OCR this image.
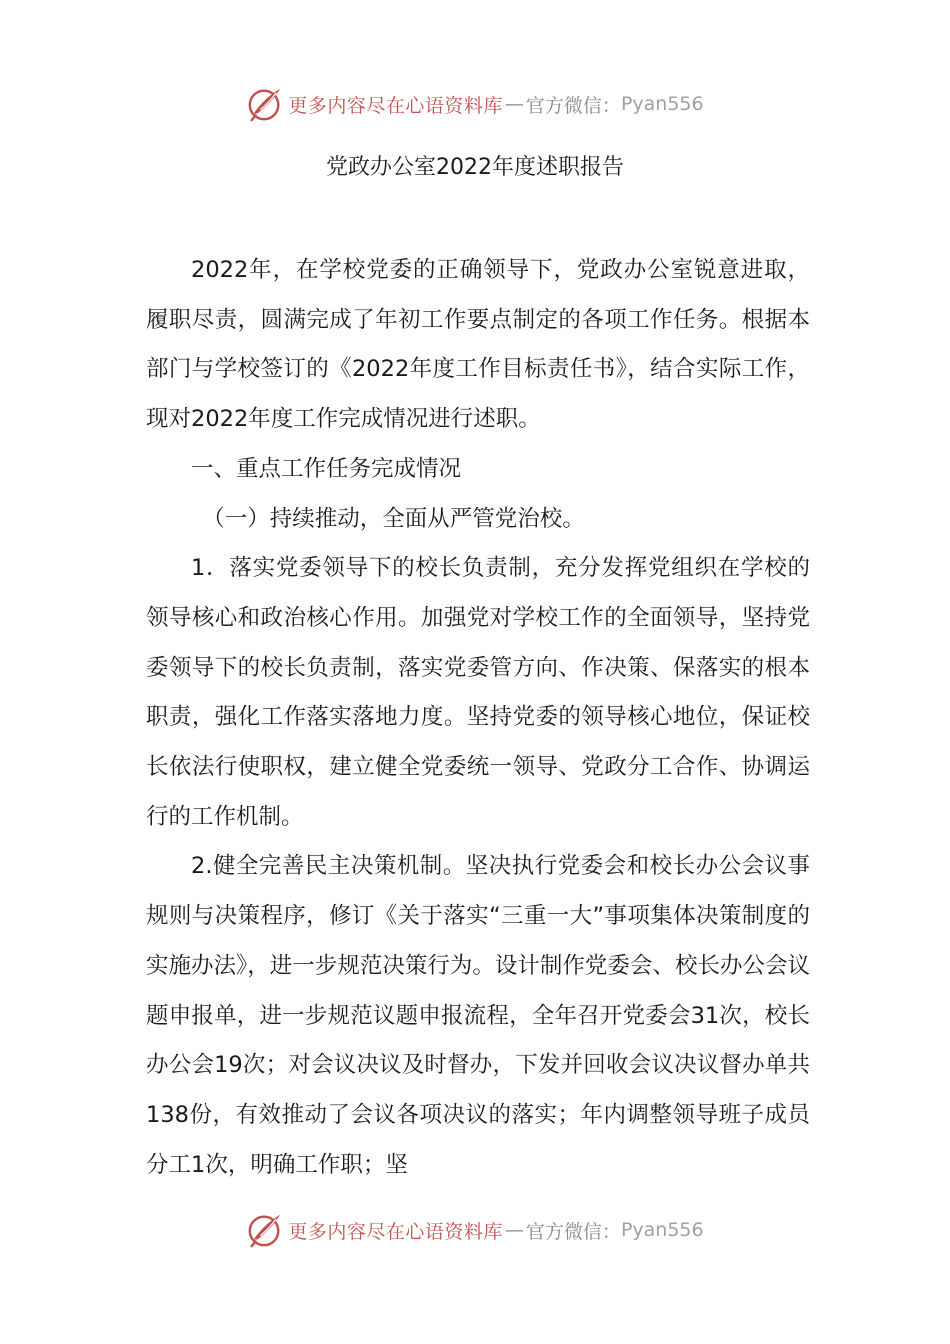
更多内容尽在心语资料库 — 官方微信： Pyan556
党政办公室2022年度述职报告

2022年，在学校党委的正确领导下，党政办公室锐意进取，履职尽责，圆满完成了年初工作要点制定的各项工作任务。根据本部门与学校签订的《2022年度工作目标责任书》，结合实际工作，现对2022年度工作完成情况进行述职。

一、重点工作任务完成情况

（一）持续推动，全面从严管党治校。

1．落实党委领导下的校长负责制，充分发挥党组织在学校的领导核心和政治核心作用。加强党对学校工作的全面领导，坚持党委领导下的校长负责制，落实党委管方向、作决策、保落实的根本职责，强化工作落实落地力度。坚持党委的领导核心地位，保证校长依法行使职权，建立健全党委统一领导、党政分工合作、协调运行的工作机制。

2.健全完善民主决策机制。坚决执行党委会和校长办公会议事规则与决策程序，修订《关于落实“三重一大”事项集体决策制度的实施办法》，进一步规范决策行为。设计制作党委会、校长办公会议题申报单，进一步规范议题申报流程，全年召开党委会31次，校长办公会19次；对会议决议及时督办，下发并回收会议决议督办单共138份，有效推动了会议各项决议的落实；年内调整领导班子成员分工1次，明确工作职；坚

更多内容尽在心语资料库 — 官方微信： Pyan556
